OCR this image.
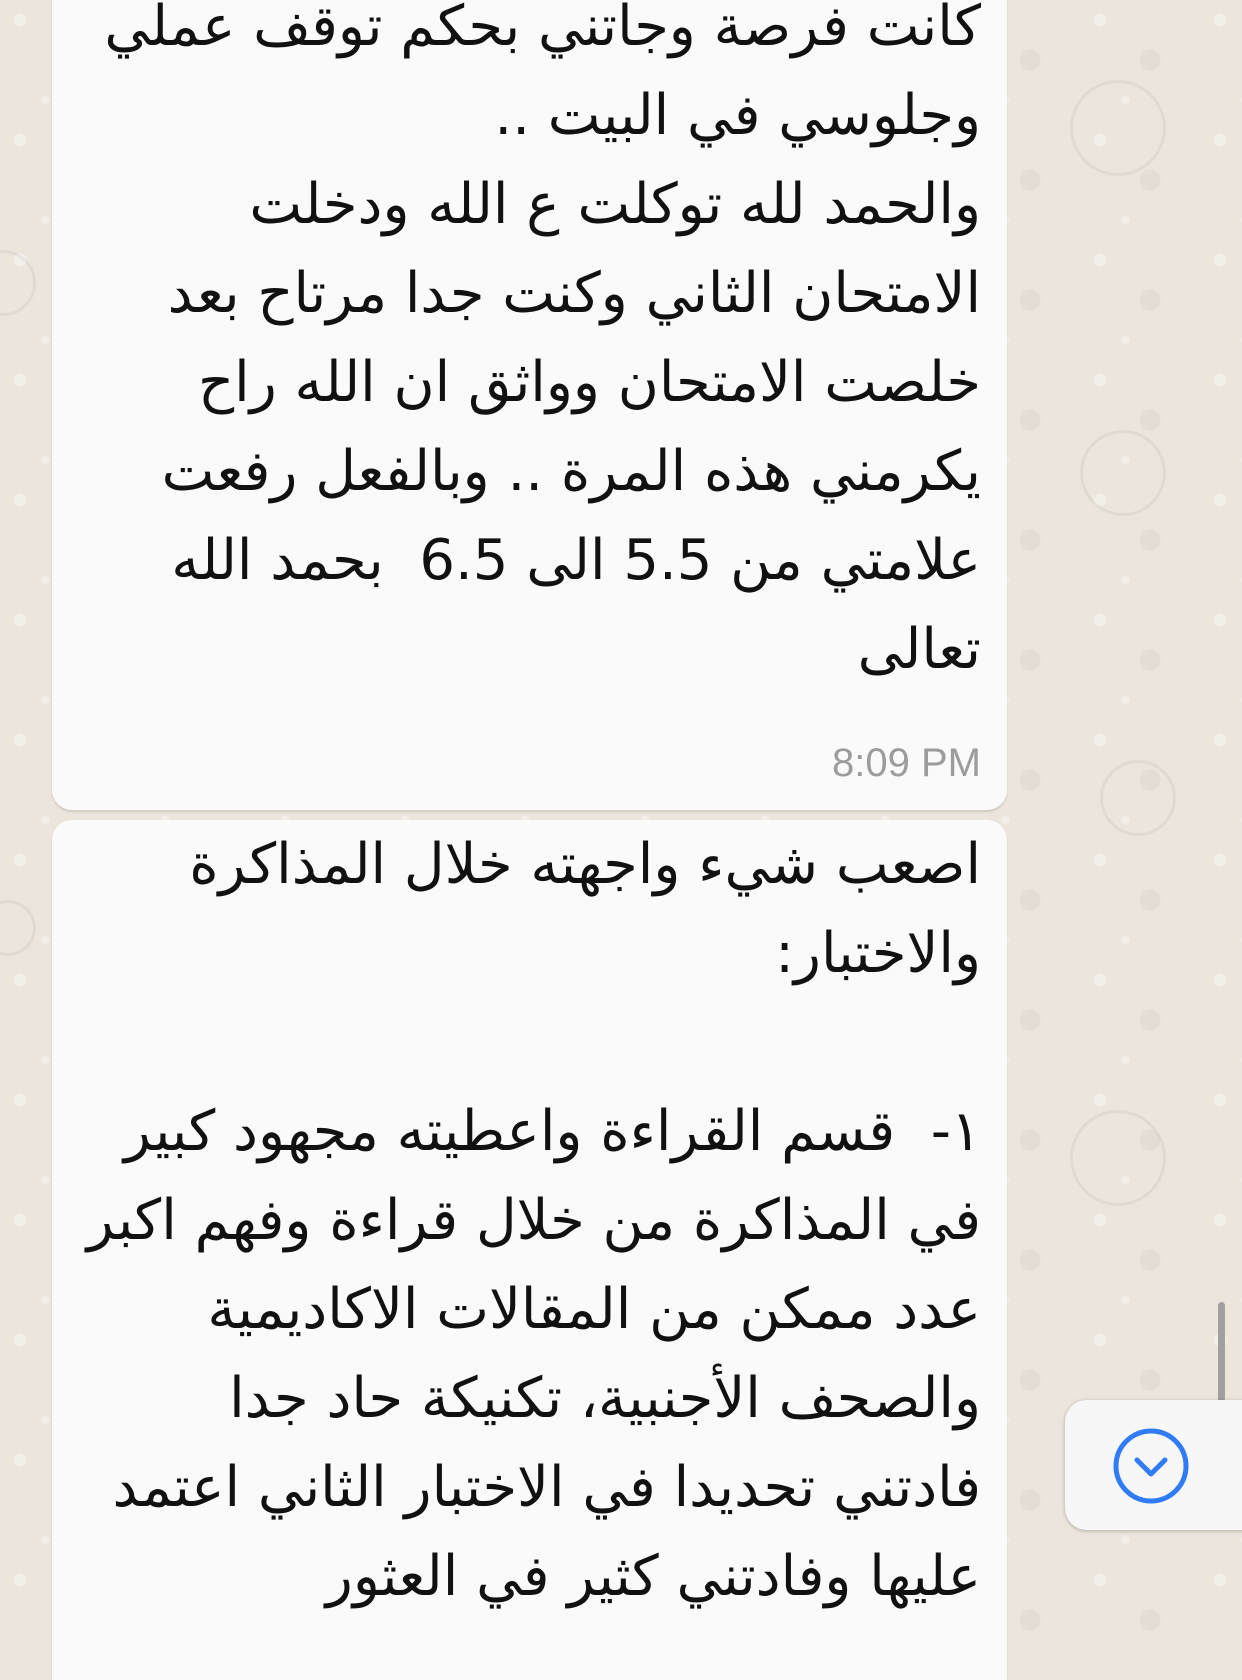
كانت فرصة وجاتني بحكم توقف عملي وجلوسي في البيت ..
والحمد لله توكلت ع الله ودخلت الامتحان الثاني وكنت جدا مرتاح بعد خلصت الامتحان وواثق ان الله راح يكرمني هذه المرة .. وبالفعل رفعت علامتي من 5.5 الى 6.5  بحمد الله تعالى

8:09 PM

اصعب شيء واجهته خلال المذاكرة والاختبار:

١-  قسم القراءة واعطيته مجهود كبير في المذاكرة من خلال قراءة وفهم اكبر عدد ممكن من المقالات الاكاديمية والصحف الأجنبية، تكنيكة حاد جدا فادتني تحديدا في الاختبار الثاني اعتمد عليها وفادتني كثير في العثور
